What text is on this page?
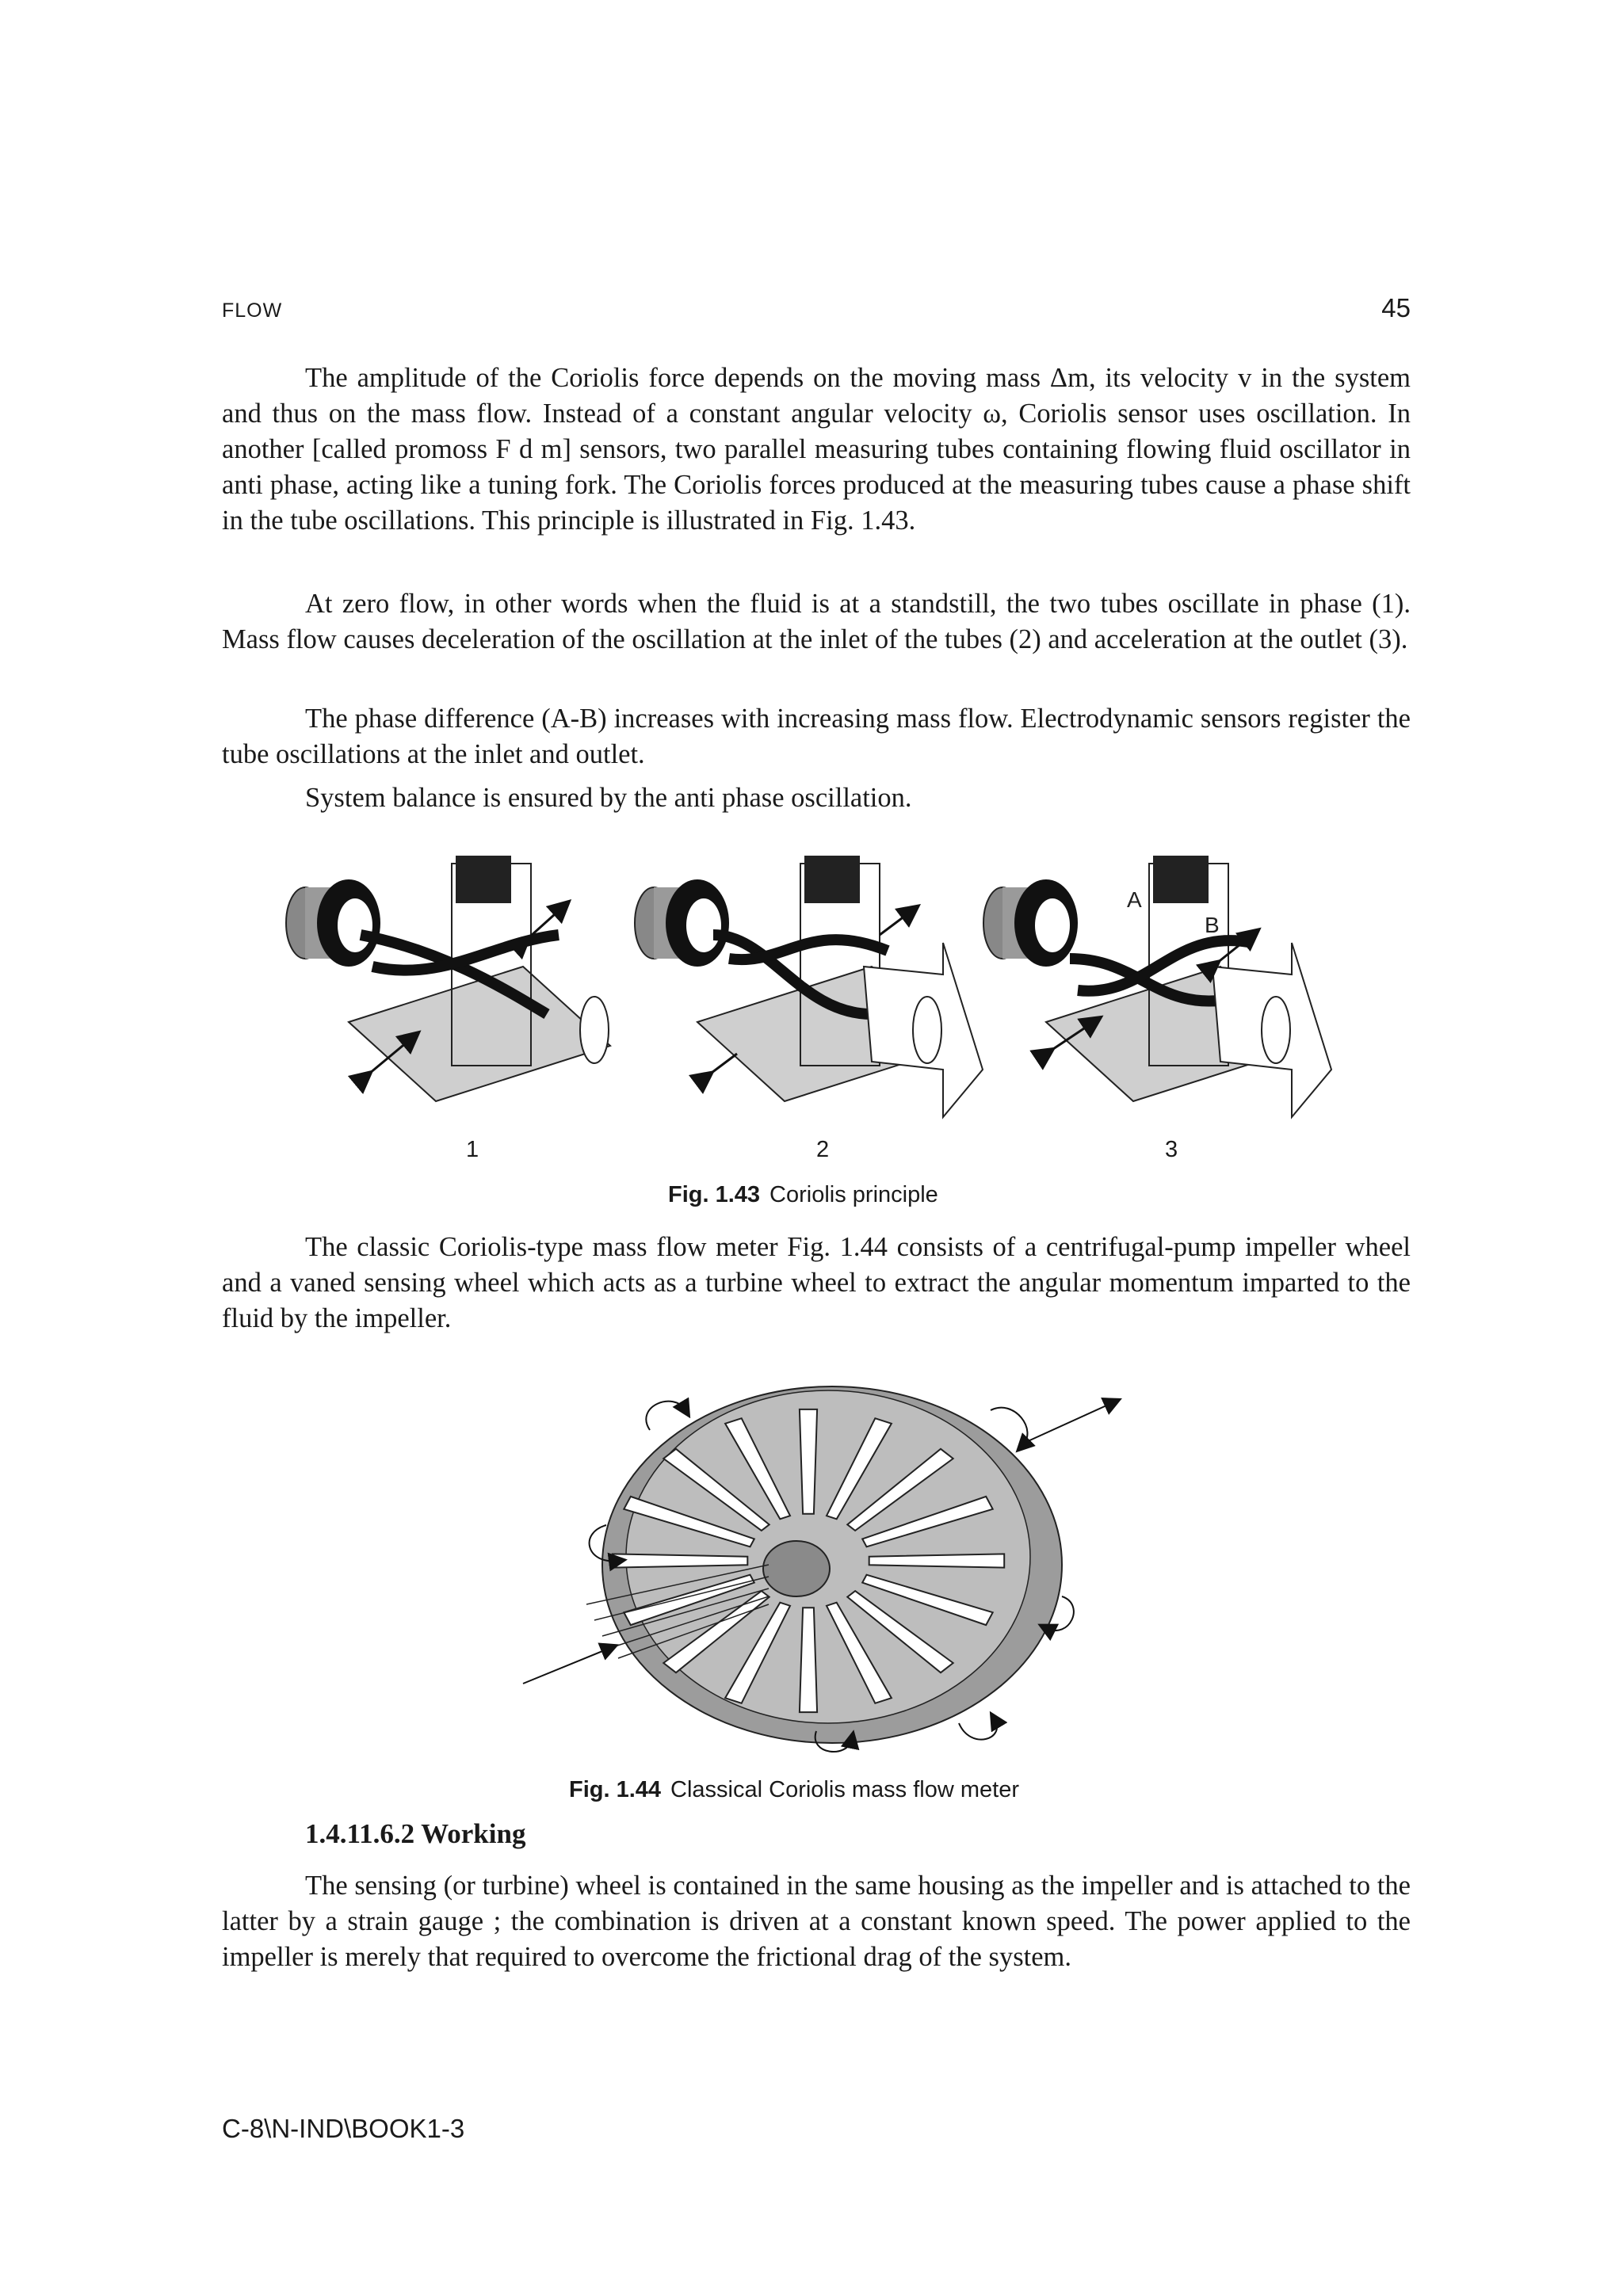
FLOW	45

The amplitude of the Coriolis force depends on the moving mass Δm, its velocity v in the system and thus on the mass flow. Instead of a constant angular velocity ω, Coriolis sensor uses oscillation. In another [called promoss F d m] sensors, two parallel measuring tubes containing flowing fluid oscillator in anti phase, acting like a tuning fork. The Coriolis forces produced at the measuring tubes cause a phase shift in the tube oscillations. This principle is illustrated in Fig. 1.43.

At zero flow, in other words when the fluid is at a standstill, the two tubes oscillate in phase (1). Mass flow causes deceleration of the oscillation at the inlet of the tubes (2) and acceleration at the outlet (3).

The phase difference (A-B) increases with increasing mass flow. Electrodynamic sensors register the tube oscillations at the inlet and outlet.

System balance is ensured by the anti phase oscillation.

A
B
1	2	3
Fig. 1.43 Coriolis principle

The classic Coriolis-type mass flow meter Fig. 1.44 consists of a centrifugal-pump impeller wheel and a vaned sensing wheel which acts as a turbine wheel to extract the angular momentum imparted to the fluid by the impeller.

Fig. 1.44 Classical Coriolis mass flow meter
1.4.11.6.2 Working

The sensing (or turbine) wheel is contained in the same housing as the impeller and is attached to the latter by a strain gauge ; the combination is driven at a constant known speed. The power applied to the impeller is merely that required to overcome the frictional drag of the system.

C-8\N-IND\BOOK1-3
